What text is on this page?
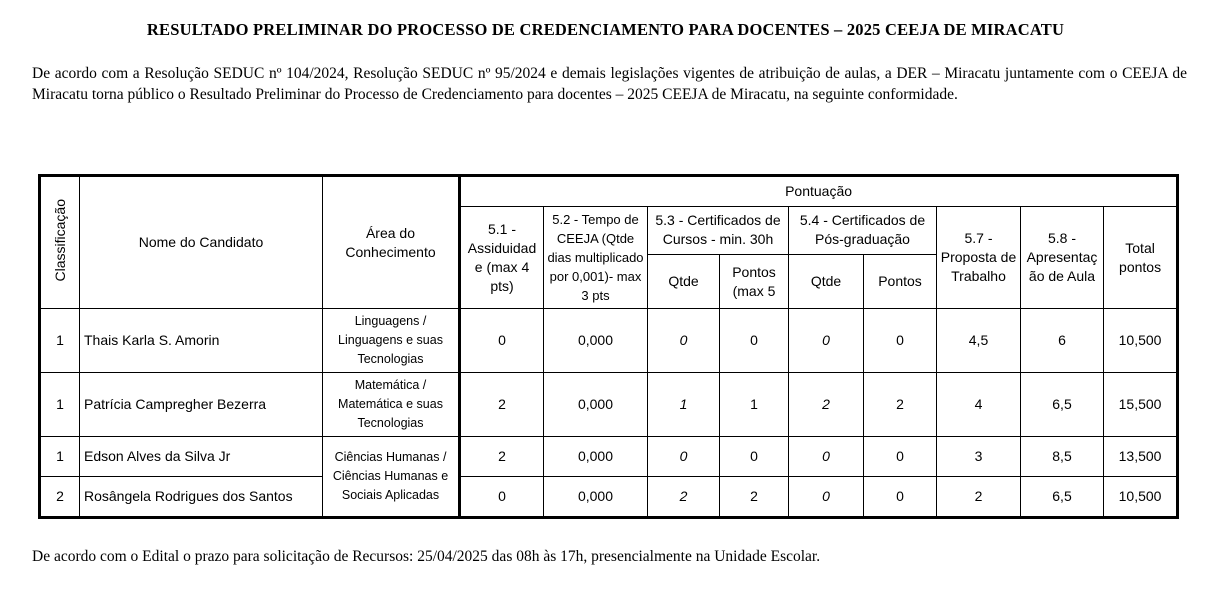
RESULTADO PRELIMINAR DO PROCESSO DE CREDENCIAMENTO PARA DOCENTES – 2025 CEEJA DE MIRACATU
De acordo com a Resolução SEDUC nº 104/2024, Resolução SEDUC nº 95/2024 e demais legislações vigentes de atribuição de aulas, a DER – Miracatu juntamente com o CEEJA de Miracatu torna público o Resultado Preliminar do Processo de Credenciamento para docentes – 2025 CEEJA de Miracatu, na seguinte conformidade.
Classificação	Nome do Candidato	Área do Conhecimento	Pontuação								
			5.1 - Assiduidad e (max 4 pts)	5.2 - Tempo de CEEJA (Qtde dias multiplicado por 0,001)- max 3 pts	5.3 - Certificados de Cursos - min. 30h		5.4 - Certificados de Pós-graduação		5.7 - Proposta de Trabalho	5.8 - Apresentaç ão de Aula	Total pontos
					Qtde	Pontos (max 5	Qtde	Pontos			
1	Thais Karla S. Amorin	Linguagens / Linguagens e suas Tecnologias	0	0,000	0	0	0	0	4,5	6	10,500
1	Patrícia Campregher Bezerra	Matemática / Matemática e suas Tecnologias	2	0,000	1	1	2	2	4	6,5	15,500
1	Edson Alves da Silva Jr	Ciências Humanas / Ciências Humanas e Sociais Aplicadas	2	0,000	0	0	0	0	3	8,5	13,500
2	Rosângela Rodrigues dos Santos		0	0,000	2	2	0	0	2	6,5	10,500
De acordo com o Edital o prazo para solicitação de Recursos: 25/04/2025 das 08h às 17h, presencialmente na Unidade Escolar.
